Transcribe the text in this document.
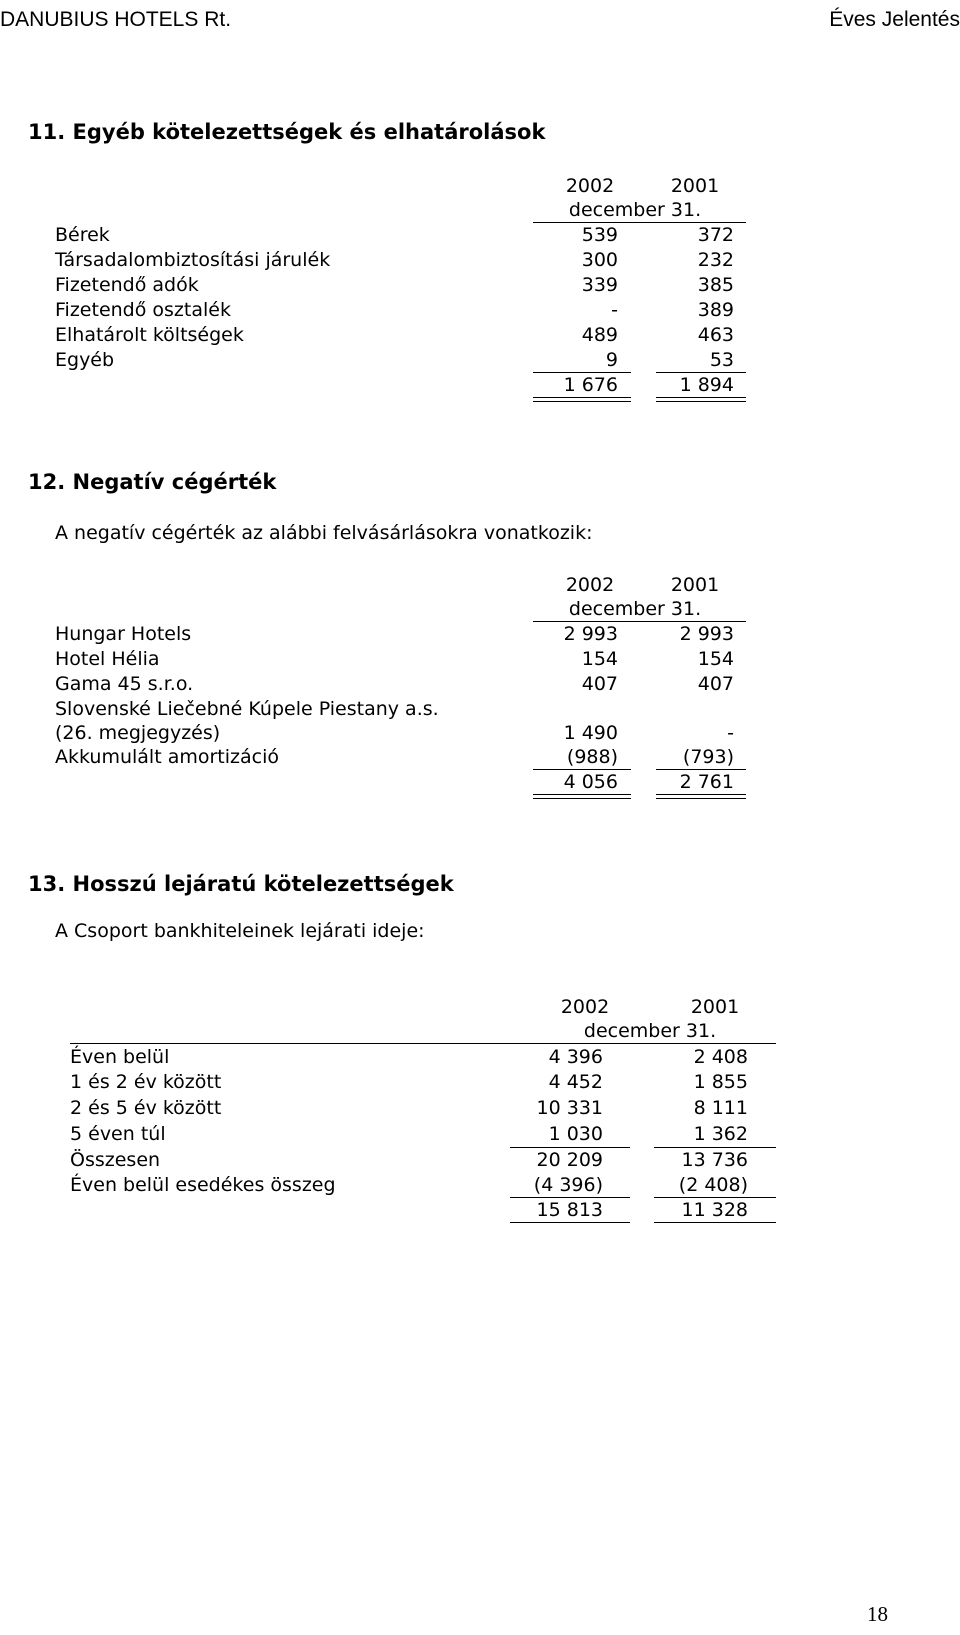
DANUBIUS HOTELS Rt.	Éves Jelentés
11. Egyéb kötelezettségek és elhatárolások
2002	2001
december 31.
Bérek	539	372
Társadalombiztosítási járulék	300	232
Fizetendő adók	339	385
Fizetendő osztalék	-	389
Elhatárolt költségek	489	463
Egyéb	9	53
1 676	1 894
12. Negatív cégérték
A negatív cégérték az alábbi felvásárlásokra vonatkozik:
2002	2001
december 31.
Hungar Hotels	2 993	2 993
Hotel Hélia	154	154
Gama 45 s.r.o.	407	407
Slovenské Liečebné Kúpele Piestany a.s.
(26. megjegyzés)	1 490	-
Akkumulált amortizáció	(988)	(793)
4 056	2 761
13. Hosszú lejáratú kötelezettségek
A Csoport bankhiteleinek lejárati ideje:
2002	2001
december 31.
Éven belül	4 396	2 408
1 és 2 év között	4 452	1 855
2 és 5 év között	10 331	8 111
5 éven túl	1 030	1 362
Összesen	20 209	13 736
Éven belül esedékes összeg	(4 396)	(2 408)
15 813	11 328
18
